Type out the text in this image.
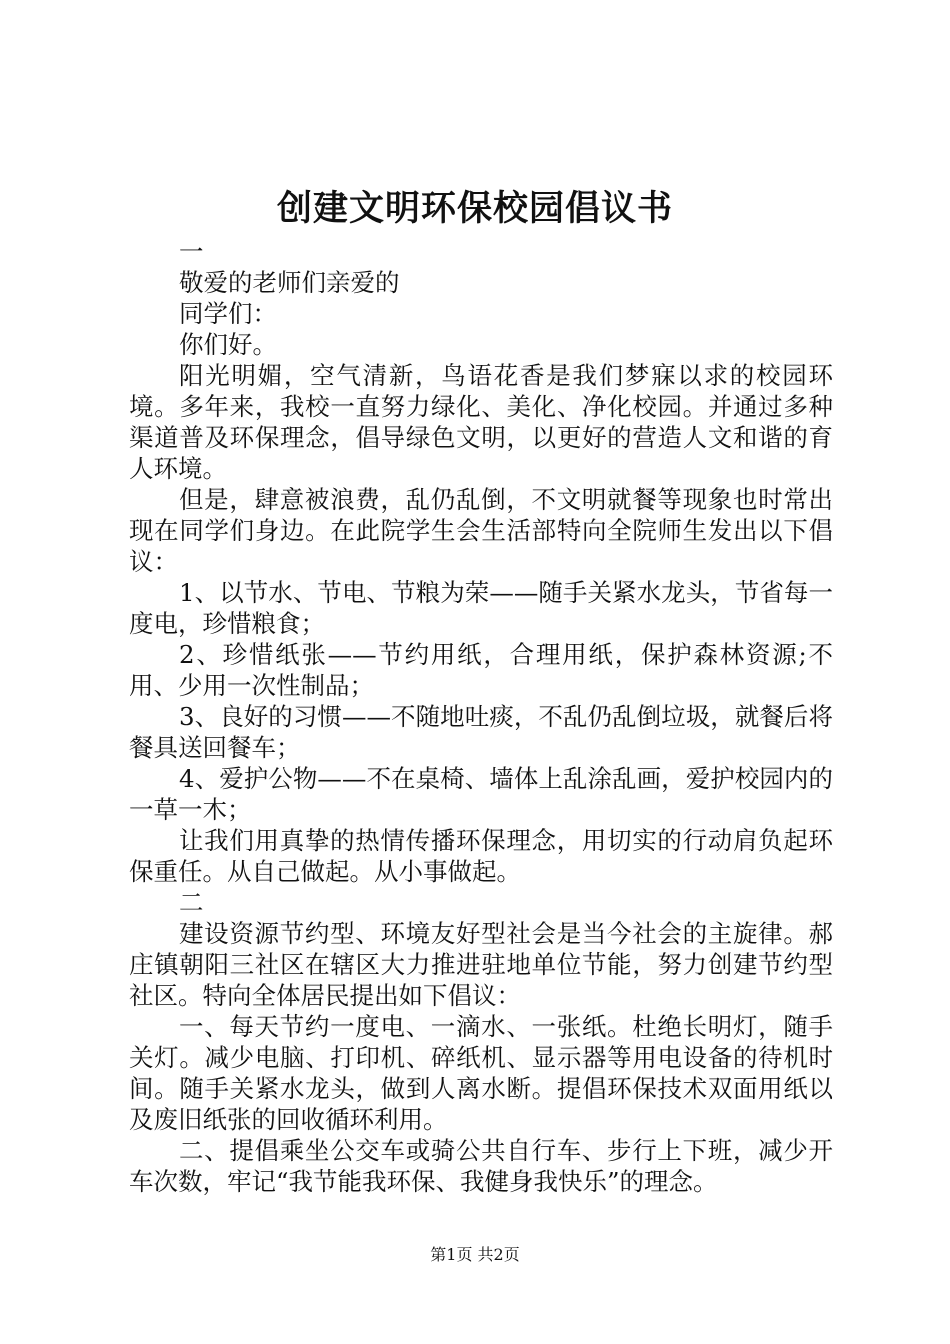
创建文明环保校园倡议书

一

敬爱的老师们亲爱的

同学们：

你们好。

阳光明媚，空气清新，鸟语花香是我们梦寐以求的校园环境。多年来，我校一直努力绿化、美化、净化校园。并通过多种渠道普及环保理念，倡导绿色文明，以更好的营造人文和谐的育人环境。

但是，肆意被浪费，乱仍乱倒，不文明就餐等现象也时常出现在同学们身边。在此院学生会生活部特向全院师生发出以下倡议：

1、以节水、节电、节粮为荣——随手关紧水龙头，节省每一度电，珍惜粮食；

2、珍惜纸张——节约用纸，合理用纸，保护森林资源;不用、少用一次性制品；

3、良好的习惯——不随地吐痰，不乱仍乱倒垃圾，就餐后将餐具送回餐车；

4、爱护公物——不在桌椅、墙体上乱涂乱画，爱护校园内的一草一木；

让我们用真挚的热情传播环保理念，用切实的行动肩负起环保重任。从自己做起。从小事做起。

二

建设资源节约型、环境友好型社会是当今社会的主旋律。郝庄镇朝阳三社区在辖区大力推进驻地单位节能，努力创建节约型社区。特向全体居民提出如下倡议：

一、每天节约一度电、一滴水、一张纸。杜绝长明灯，随手关灯。减少电脑、打印机、碎纸机、显示器等用电设备的待机时间。随手关紧水龙头，做到人离水断。提倡环保技术双面用纸以及废旧纸张的回收循环利用。

二、提倡乘坐公交车或骑公共自行车、步行上下班，减少开车次数，牢记“我节能我环保、我健身我快乐”的理念。

第1页 共2页
